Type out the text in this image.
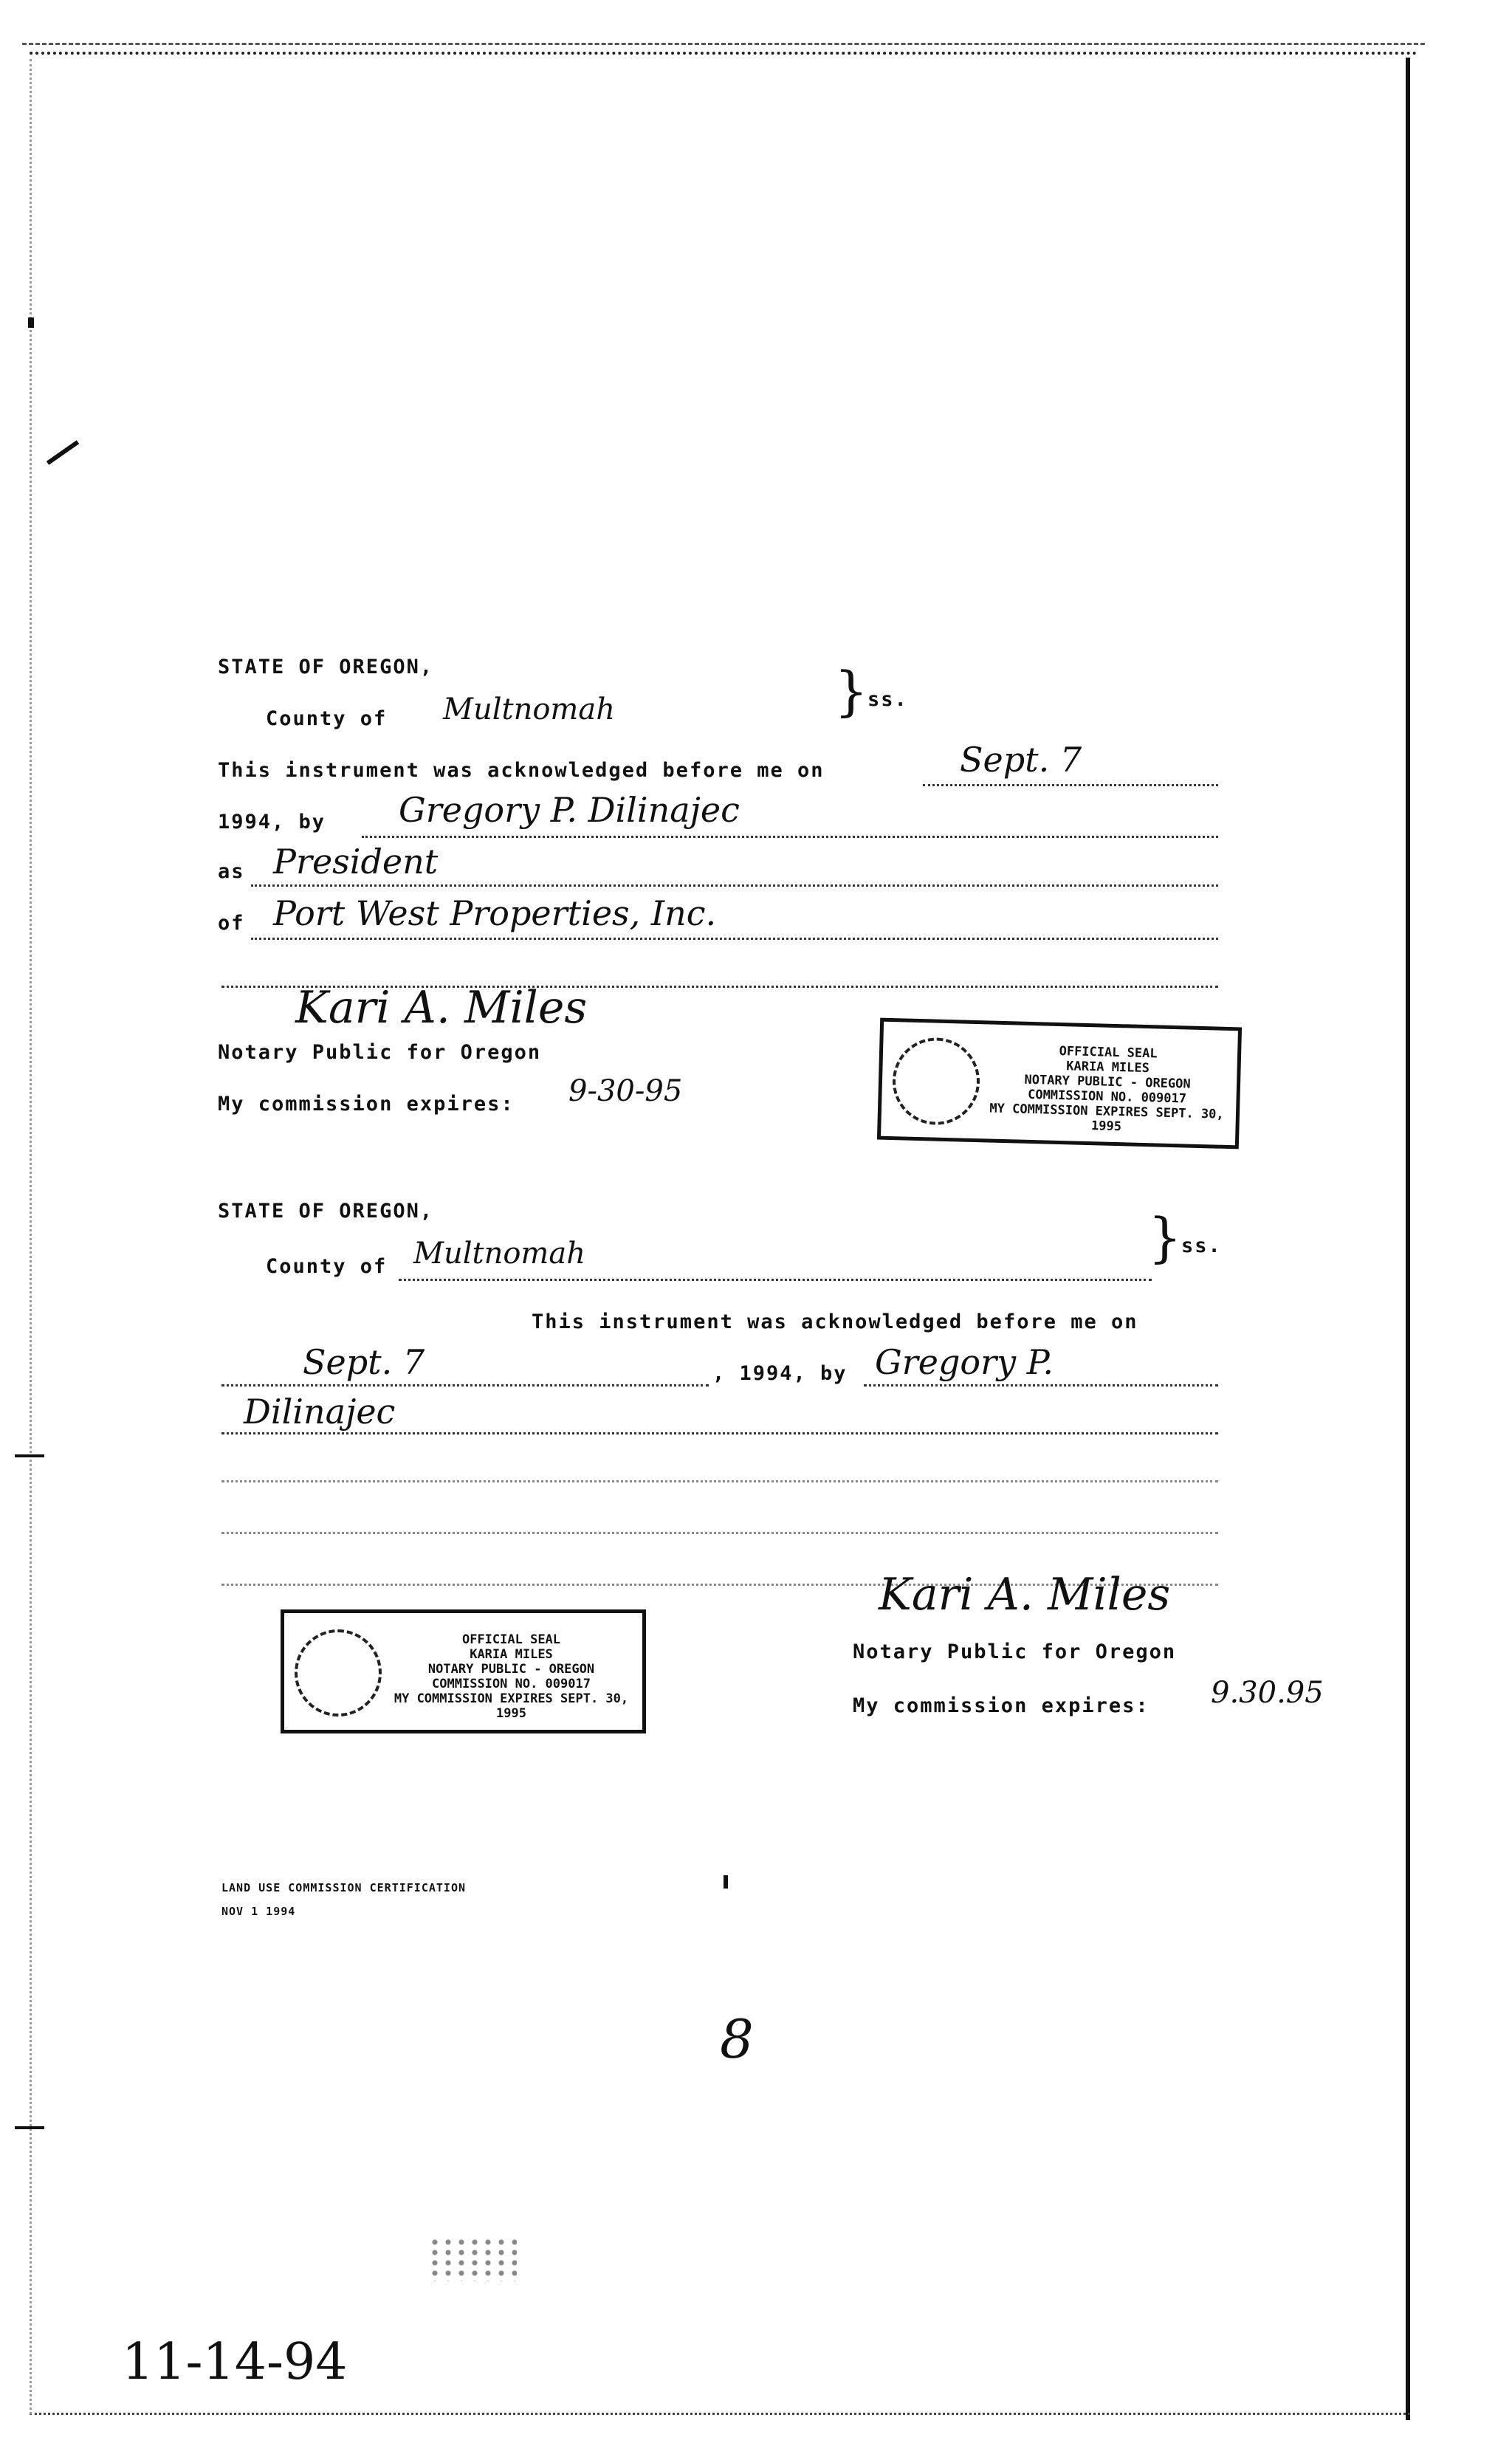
STATE OF OREGON,
County of Multnomah	} ss.
This instrument was acknowledged before me on	Sept. 7
1994, by Gregory P. Dilinajec
as President
of Port West Properties, Inc.
Kari A. Miles
Notary Public for Oregon
My commission expires: 9-30-95
OFFICIAL SEAL
KARIA MILES
NOTARY PUBLIC - OREGON
COMMISSION NO. 009017
MY COMMISSION EXPIRES SEPT. 30, 1995
STATE OF OREGON,
County of Multnomah	} ss.
This instrument was acknowledged before me on
Sept. 7	, 1994, by Gregory P.
Dilinajec
Kari A. Miles
Notary Public for Oregon
My commission expires: 9.30.95
OFFICIAL SEAL
KARIA MILES
NOTARY PUBLIC - OREGON
COMMISSION NO. 009017
MY COMMISSION EXPIRES SEPT. 30, 1995
LAND USE COMMISSION CERTIFICATION
NOV 1 1994
8
11-14-94
